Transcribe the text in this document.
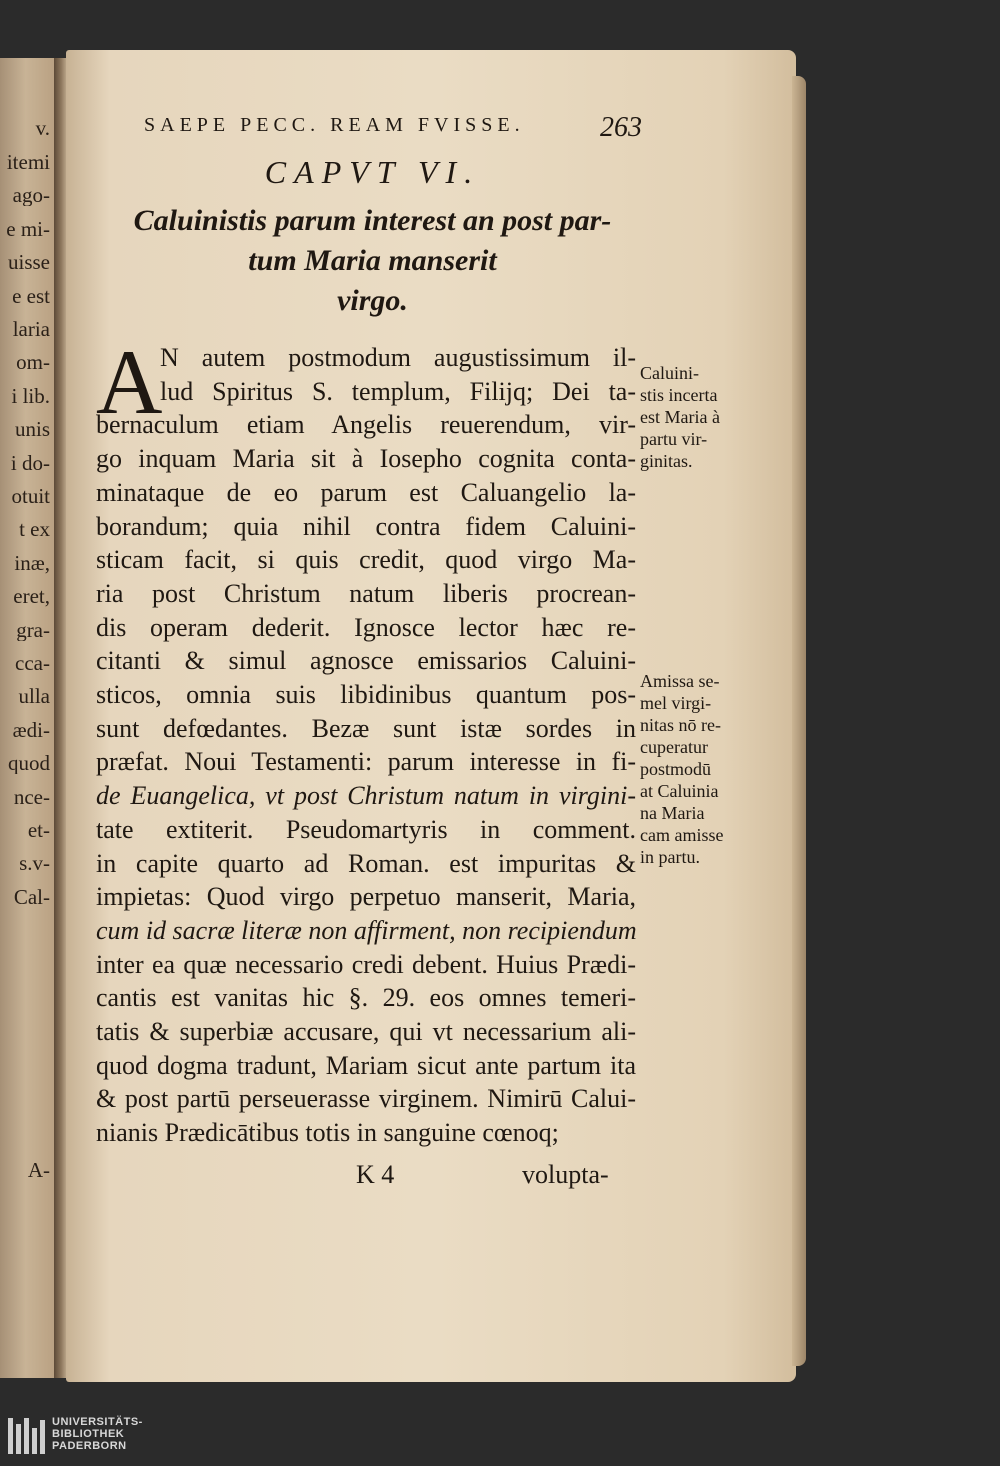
v.
itemi
ago-
e mi-
uisse
e est
laria
om-
i lib.
unis
i do-
otuit
t ex
inæ,
eret,
gra-
cca-
ulla
ædi-
quod
nce-
et-
s.v-
Cal-
A-
SAEPE PECC. REAM FVISSE.	263
CAPVT VI.
Caluinistis parum interest an post par-
tum Maria manserit
virgo.
A
N autem postmodum augustissimum il-
lud Spiritus S. templum, Filijq; Dei ta-
bernaculum etiam Angelis reuerendum, vir-
go inquam Maria sit à Iosepho cognita conta-
minataque de eo parum est Caluangelio la-
borandum; quia nihil contra fidem Caluini-
sticam facit, si quis credit, quod virgo Ma-
ria post Christum natum liberis procrean-
dis operam dederit. Ignosce lector hæc re-
citanti & simul agnosce emissarios Caluini-
sticos, omnia suis libidinibus quantum pos-
sunt defœdantes. Bezæ sunt istæ sordes in
præfat. Noui Testamenti: parum interesse in fi-
de Euangelica, vt post Christum natum in virgini-
tate extiterit. Pseudomartyris in comment.
in capite quarto ad Roman. est impuritas &
impietas: Quod virgo perpetuo manserit, Maria,
cum id sacræ literæ non affirment, non recipiendum
inter ea quæ necessario credi debent. Huius Prædi-
cantis est vanitas hic §. 29. eos omnes temeri-
tatis & superbiæ accusare, qui vt necessarium ali-
quod dogma tradunt, Mariam sicut ante partum ita
& post partū perseuerasse virginem. Nimirū Calui-
nianis Prædicātibus totis in sanguine cœnoq;
Caluini-
stis incerta
est Maria à
partu vir-
ginitas.
Amissa se-
mel virgi-
nitas nō re-
cuperatur
postmodū
at Caluinia
na Maria
cam amisse
in partu.
K 4	volupta-
UNIVERSITÄTS-
BIBLIOTHEK
PADERBORN
